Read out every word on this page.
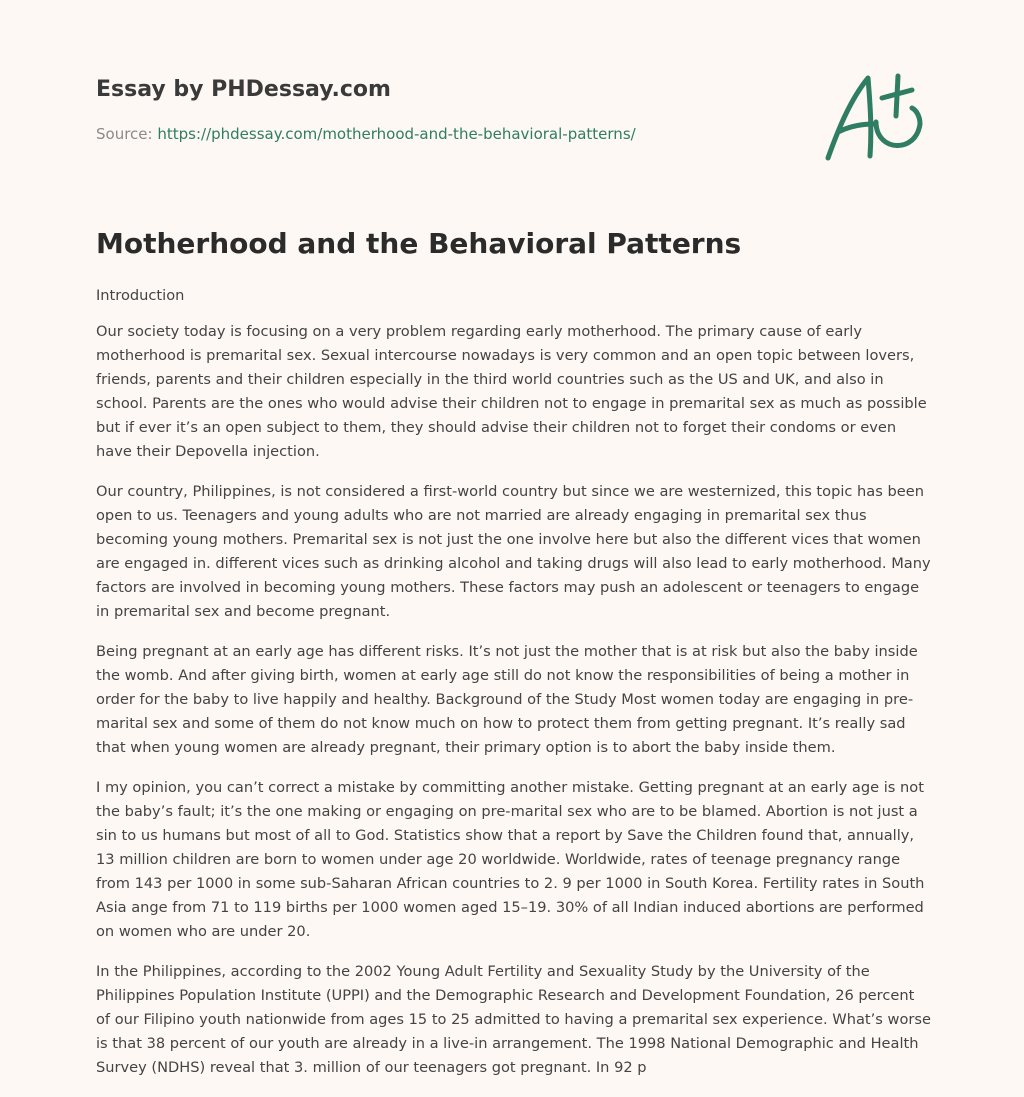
Essay by PHDessay.com
Source: https://phdessay.com/motherhood-and-the-behavioral-patterns/
Motherhood and the Behavioral Patterns

Introduction

Our society today is focusing on a very problem regarding early motherhood. The primary cause of early motherhood is premarital sex. Sexual intercourse nowadays is very common and an open topic between lovers, friends, parents and their children especially in the third world countries such as the US and UK, and also in school. Parents are the ones who would advise their children not to engage in premarital sex as much as possible but if ever it’s an open subject to them, they should advise their children not to forget their condoms or even have their Depovella injection.

Our country, Philippines, is not considered a first-world country but since we are westernized, this topic has been open to us. Teenagers and young adults who are not married are already engaging in premarital sex thus becoming young mothers. Premarital sex is not just the one involve here but also the different vices that women are engaged in. different vices such as drinking alcohol and taking drugs will also lead to early motherhood. Many factors are involved in becoming young mothers. These factors may push an adolescent or teenagers to engage in premarital sex and become pregnant.

Being pregnant at an early age has different risks. It’s not just the mother that is at risk but also the baby inside the womb. And after giving birth, women at early age still do not know the responsibilities of being a mother in order for the baby to live happily and healthy. Background of the Study Most women today are engaging in pre-marital sex and some of them do not know much on how to protect them from getting pregnant. It’s really sad that when young women are already pregnant, their primary option is to abort the baby inside them.

I my opinion, you can’t correct a mistake by committing another mistake. Getting pregnant at an early age is not the baby’s fault; it’s the one making or engaging on pre-marital sex who are to be blamed. Abortion is not just a sin to us humans but most of all to God. Statistics show that a report by Save the Children found that, annually, 13 million children are born to women under age 20 worldwide. Worldwide, rates of teenage pregnancy range from 143 per 1000 in some sub-Saharan African countries to 2. 9 per 1000 in South Korea. Fertility rates in South Asia ange from 71 to 119 births per 1000 women aged 15–19. 30% of all Indian induced abortions are performed on women who are under 20.

In the Philippines, according to the 2002 Young Adult Fertility and Sexuality Study by the University of the Philippines Population Institute (UPPI) and the Demographic Research and Development Foundation, 26 percent of our Filipino youth nationwide from ages 15 to 25 admitted to having a premarital sex experience. What’s worse is that 38 percent of our youth are already in a live-in arrangement. The 1998 National Demographic and Health Survey (NDHS) reveal that 3. million of our teenagers got pregnant. In 92 p
